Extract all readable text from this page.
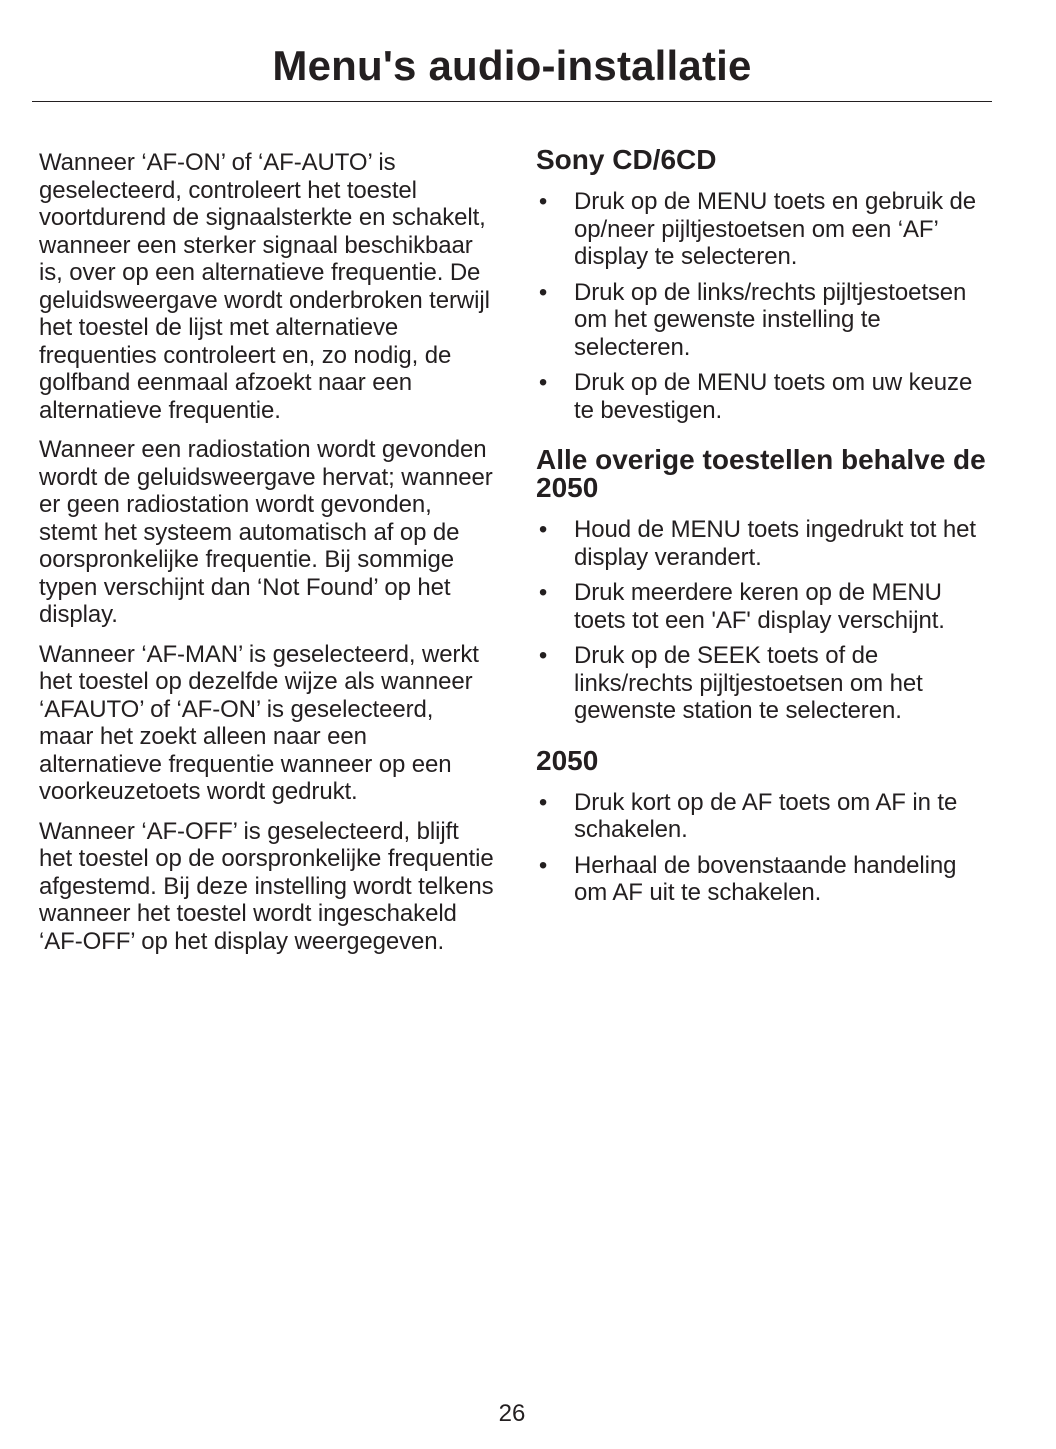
Menu's audio-installatie

Wanneer ‘AF-ON’ of ‘AF-AUTO’ is geselecteerd, controleert het toestel voortdurend de signaalsterkte en schakelt, wanneer een sterker signaal beschikbaar is, over op een alternatieve frequentie. De geluidsweergave wordt onderbroken terwijl het toestel de lijst met alternatieve frequenties controleert en, zo nodig, de golfband eenmaal afzoekt naar een alternatieve frequentie.

Wanneer een radiostation wordt gevonden wordt de geluidsweergave hervat; wanneer er geen radiostation wordt gevonden, stemt het systeem automatisch af op de oorspronkelijke frequentie. Bij sommige typen verschijnt dan ‘Not Found’ op het display.

Wanneer ‘AF-MAN’ is geselecteerd, werkt het toestel op dezelfde wijze als wanneer ‘AFAUTO’ of ‘AF-ON’ is geselecteerd, maar het zoekt alleen naar een alternatieve frequentie wanneer op een voorkeuzetoets wordt gedrukt.

Wanneer ‘AF-OFF’ is geselecteerd, blijft het toestel op de oorspronkelijke frequentie afgestemd. Bij deze instelling wordt telkens wanneer het toestel wordt ingeschakeld ‘AF-OFF’ op het display weergegeven.

Sony CD/6CD
• Druk op de MENU toets en gebruik de op/neer pijltjestoetsen om een ‘AF’ display te selecteren.
• Druk op de links/rechts pijltjestoetsen om het gewenste instelling te selecteren.
• Druk op de MENU toets om uw keuze te bevestigen.
Alle overige toestellen behalve de 2050
• Houd de MENU toets ingedrukt tot het display verandert.
• Druk meerdere keren op de MENU toets tot een 'AF' display verschijnt.
• Druk op de SEEK toets of de links/rechts pijltjestoetsen om het gewenste station te selecteren.
2050
• Druk kort op de AF toets om AF in te schakelen.
• Herhaal de bovenstaande handeling om AF uit te schakelen.
26
